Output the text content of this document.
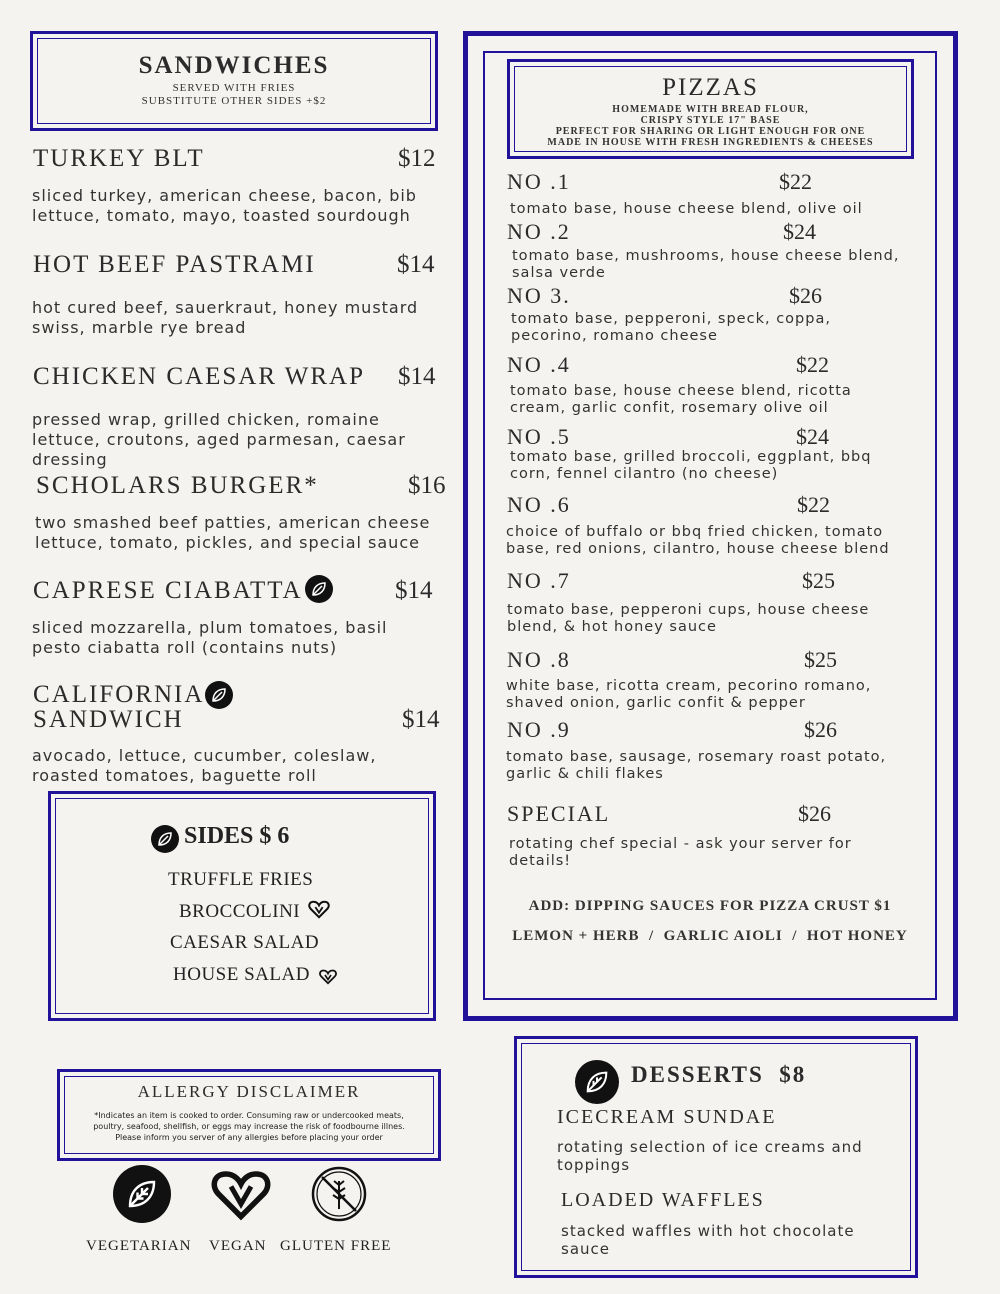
SANDWICHES
SERVED WITH FRIES
SUBSTITUTE OTHER SIDES +$2
TURKEY BLT	$12
sliced turkey, american cheese, bacon, bib lettuce, tomato, mayo, toasted sourdough
HOT BEEF PASTRAMI	$14
hot cured beef, sauerkraut, honey mustard swiss, marble rye bread
CHICKEN CAESAR WRAP $14
pressed wrap, grilled chicken, romaine lettuce, croutons, aged parmesan, caesar dressing
SCHOLARS BURGER*	$16
two smashed beef patties, american cheese lettuce, tomato, pickles, and special sauce
CAPRESE CIABATTA	$14
sliced mozzarella, plum tomatoes, basil pesto ciabatta roll (contains nuts)
CALIFORNIA
SANDWICH	$14
avocado, lettuce, cucumber, coleslaw, roasted tomatoes, baguette roll
SIDES $ 6
TRUFFLE FRIES
BROCCOLINI
CAESAR SALAD
HOUSE SALAD
ALLERGY DISCLAIMER
*Indicates an item is cooked to order. Consuming raw or undercooked meats,
poultry, seafood, shellfish, or eggs may increase the risk of foodbourne illnes.
Please inform you server of any allergies before placing your order
VEGETARIAN VEGAN GLUTEN FREE
PIZZAS
HOMEMADE WITH BREAD FLOUR,
CRISPY STYLE 17" BASE
PERFECT FOR SHARING OR LIGHT ENOUGH FOR ONE
MADE IN HOUSE WITH FRESH INGREDIENTS & CHEESES
NO .1	$22
tomato base, house cheese blend, olive oil
NO .2	$24
tomato base, mushrooms, house cheese blend, salsa verde
NO 3.	$26
tomato base, pepperoni, speck, coppa, pecorino, romano cheese
NO .4	$22
tomato base, house cheese blend, ricotta cream, garlic confit, rosemary olive oil
NO .5	$24
tomato base, grilled broccoli, eggplant, bbq corn, fennel cilantro (no cheese)
NO .6	$22
choice of buffalo or bbq fried chicken, tomato base, red onions, cilantro, house cheese blend
NO .7	$25
tomato base, pepperoni cups, house cheese blend, & hot honey sauce
NO .8	$25
white base, ricotta cream, pecorino romano, shaved onion, garlic confit & pepper
NO .9	$26
tomato base, sausage, rosemary roast potato, garlic & chili flakes
SPECIAL	$26
rotating chef special - ask your server for details!
ADD: DIPPING SAUCES FOR PIZZA CRUST $1
LEMON + HERB  /  GARLIC AIOLI  /  HOT HONEY
DESSERTS  $8
ICECREAM SUNDAE
rotating selection of ice creams and toppings
LOADED WAFFLES
stacked waffles with hot chocolate sauce
